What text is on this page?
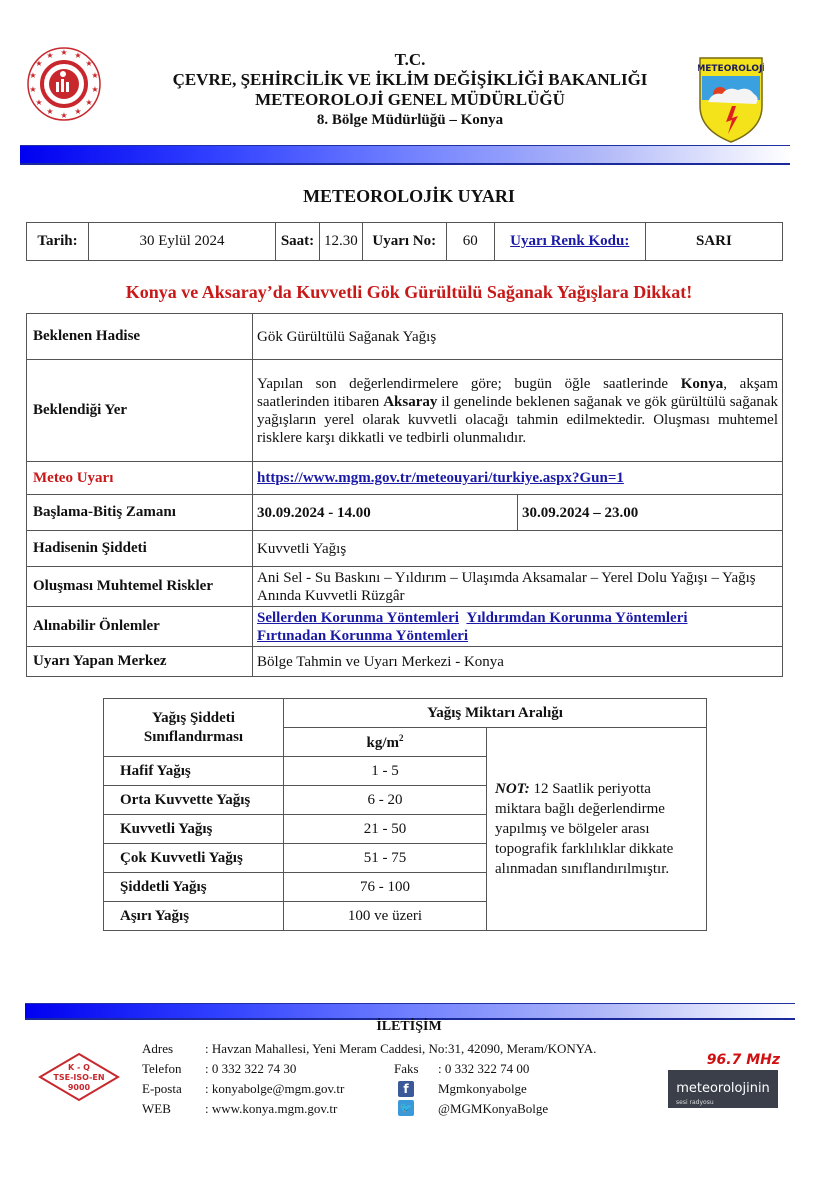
★ ★
★
★
★
★
★
★
★
★
★
★
★ ★
T.C.
ÇEVRE, ŞEHİRCİLİK VE İKLİM DEĞİŞİKLİĞİ BAKANLIĞI
METEOROLOJİ GENEL MÜDÜRLÜĞÜ
8. Bölge Müdürlüğü – Konya
METEOROLOJİ
METEOROLOJİK UYARI
Tarih:	30 Eylül 2024	Saat:	12.30	Uyarı No:	60	Uyarı Renk Kodu:	SARI
Konya ve Aksaray’da Kuvvetli Gök Gürültülü Sağanak Yağışlara Dikkat!
Beklenen Hadise	Gök Gürültülü Sağanak Yağış	
Beklendiği Yer	Yapılan son değerlendirmelere göre; bugün öğle saatlerinde Konya, akşam saatlerinden itibaren Aksaray il genelinde beklenen sağanak ve gök gürültülü sağanak yağışların yerel olarak kuvvetli olacağı tahmin edilmektedir. Oluşması muhtemel risklere karşı dikkatli ve tedbirli olunmalıdır.	
Meteo Uyarı	https://www.mgm.gov.tr/meteouyari/turkiye.aspx?Gun=1	
Başlama-Bitiş Zamanı	30.09.2024 - 14.00	30.09.2024 – 23.00
Hadisenin Şiddeti	Kuvvetli Yağış	
Oluşması Muhtemel Riskler	Ani Sel - Su Baskını – Yıldırım – Ulaşımda Aksamalar – Yerel Dolu Yağışı – Yağış Anında Kuvvetli Rüzgâr	
Alınabilir Önlemler	Sellerden Korunma Yöntemleri Yıldırımdan Korunma Yöntemleri
Fırtınadan Korunma Yöntemleri	
Uyarı Yapan Merkez	Bölge Tahmin ve Uyarı Merkezi - Konya	
Yağış Şiddeti Sınıflandırması	Yağış Miktarı Aralığı	
	$kg/m^2$	NOT: 12 Saatlik periyotta miktara bağlı değerlendirme yapılmış ve bölgeler arası topografik farklılıklar dikkate alınmadan sınıflandırılmıştır.
Hafif Yağış	1 - 5	
Orta Kuvvette Yağış	6 - 20	
Kuvvetli Yağış	21 - 50	
Çok Kuvvetli Yağış	51 - 75	
Şiddetli Yağış	76 - 100	
Aşırı Yağış	100 ve üzeri	
İLETİŞİM
K - Q
TSE-ISO-EN
9000
Adres : Havzan Mahallesi, Yeni Meram Caddesi, No:31, 42090, Meram/KONYA.
Telefon : 0 332 322 74 30	Faks : 0 332 322 74 00
E-posta : konyabolge@mgm.gov.tr	f	Mgmkonyabolge
WEB	: www.konya.mgm.gov.tr	🐦 @MGMKonyaBolge
96.7 MHz
meteorolojinin
sesi radyosu
